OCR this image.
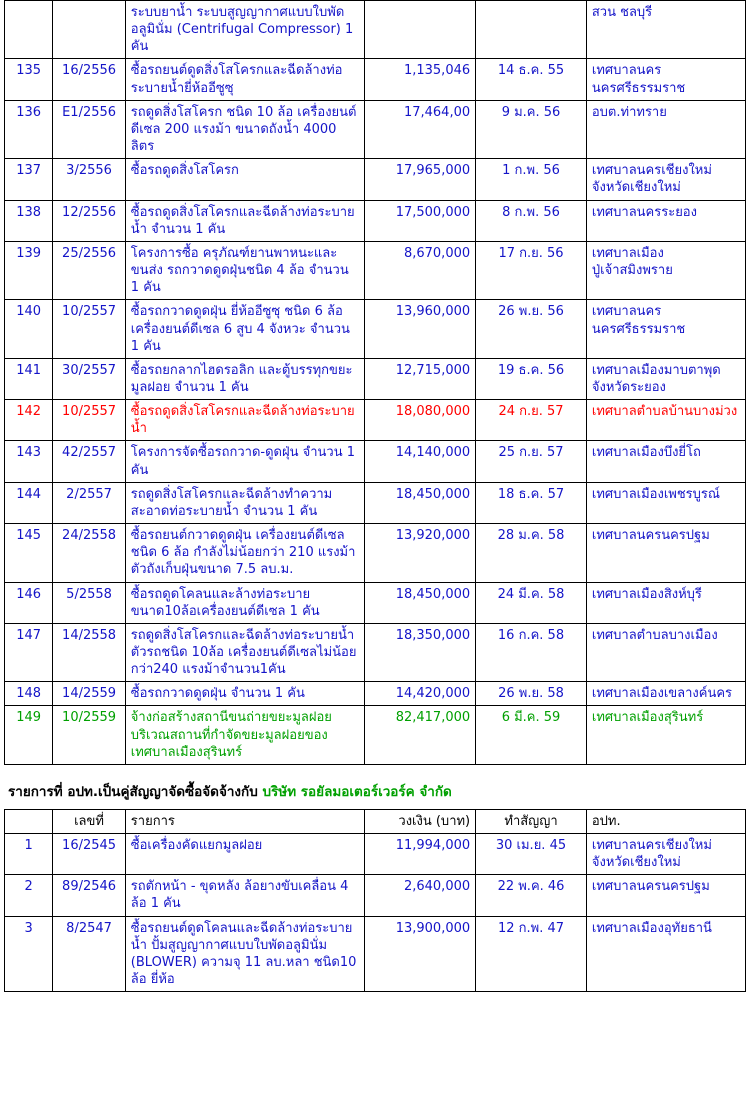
		ระบบยาน้ำ ระบบสูญญากาศแบบใบพัดอลูมินั่ม (Centrifugal Compressor) 1 คัน			สวน ชลบุรี
135	16/2556	ซื้อรถยนต์ดูดสิ่งโสโครกและฉีดล้างท่อระบายน้ำยี่ห้ออีซูซุ	1,135,046	14 ธ.ค. 55	เทศบาลนครนครศรีธรรมราช
136	E1/2556	รถดูดสิ่งโสโครก ชนิด 10 ล้อ เครื่องยนต์ดีเซล 200 แรงม้า ขนาดถังน้ำ 4000 ลิตร	17,464,00	9 ม.ค. 56	อบต.ท่าทราย
137	3/2556	ซื้อรถดูดสิ่งโสโครก	17,965,000	1 ก.พ. 56	เทศบาลนครเชียงใหม่ จังหวัดเชียงใหม่
138	12/2556	ซื้อรถดูดสิ่งโสโครกและฉีดล้างท่อระบายน้ำ จำนวน 1 คัน	17,500,000	8 ก.พ. 56	เทศบาลนครระยอง
139	25/2556	โครงการซื้อ ครุภัณฑ์ยานพาหนะและขนส่ง รถกวาดดูดฝุ่นชนิด 4 ล้อ จำนวน 1 คัน	8,670,000	17 ก.ย. 56	เทศบาลเมืองปู่เจ้าสมิงพราย
140	10/2557	ซื้อรถกวาดดูดฝุ่น ยี่ห้ออีซูซุ ชนิด 6 ล้อ เครื่องยนต์ดีเซล 6 สูบ 4 จังหวะ จำนวน 1 คัน	13,960,000	26 พ.ย. 56	เทศบาลนครนครศรีธรรมราช
141	30/2557	ซื้อรถยกลากไฮดรอลิก และตู้บรรทุกขยะมูลฝอย จำนวน 1 คัน	12,715,000	19 ธ.ค. 56	เทศบาลเมืองมาบตาพุด จังหวัดระยอง
142	10/2557	ซื้อรถดูดสิ่งโสโครกและฉีดล้างท่อระบายน้ำ	18,080,000	24 ก.ย. 57	เทศบาลตำบลบ้านบางม่วง
143	42/2557	โครงการจัดซื้อรถกวาด-ดูดฝุ่น จำนวน 1 คัน	14,140,000	25 ก.ย. 57	เทศบาลเมืองบึงยี่โถ
144	2/2557	รถดูดสิ่งโสโครกและฉีดล้างทำความสะอาดท่อระบายน้ำ จำนวน 1 คัน	18,450,000	18 ธ.ค. 57	เทศบาลเมืองเพชรบูรณ์
145	24/2558	ซื้อรถยนต์กวาดดูดฝุ่น เครื่องยนต์ดีเซล ชนิด 6 ล้อ กำลังไม่น้อยกว่า 210 แรงม้า ตัวถังเก็บฝุ่นขนาด 7.5 ลบ.ม.	13,920,000	28 ม.ค. 58	เทศบาลนครนครปฐม
146	5/2558	ซื้อรถดูดโคลนและล้างท่อระบายขนาด10ล้อเครื่องยนต์ดีเซล 1 คัน	18,450,000	24 มี.ค. 58	เทศบาลเมืองสิงห์บุรี
147	14/2558	รถดูดสิ่งโสโครกและฉีดล้างท่อระบายน้ำ ตัวรถชนิด 10ล้อ เครื่องยนต์ดีเซลไม่น้อยกว่า240 แรงม้าจำนวน1คัน	18,350,000	16 ก.ค. 58	เทศบาลตำบลบางเมือง
148	14/2559	ซื้อรถกวาดดูดฝุ่น จำนวน 1 คัน	14,420,000	26 พ.ย. 58	เทศบาลเมืองเขลางค์นคร
149	10/2559	จ้างก่อสร้างสถานีขนถ่ายขยะมูลฝอยบริเวณสถานที่กำจัดขยะมูลฝอยของเทศบาลเมืองสุรินทร์	82,417,000	6 มี.ค. 59	เทศบาลเมืองสุรินทร์
รายการที่ อปท.เป็นคู่สัญญาจัดซื้อจัดจ้างกับ บริษัท รอยัลมอเตอร์เวอร์ค จำกัด
	เลขที่	รายการ	วงเงิน (บาท)	ทำสัญญา	อปท.
1	16/2545	ซื้อเครื่องคัดแยกมูลฝอย	11,994,000	30 เม.ย. 45	เทศบาลนครเชียงใหม่ จังหวัดเชียงใหม่
2	89/2546	รถตักหน้า - ขุดหลัง ล้อยางขับเคลื่อน 4 ล้อ 1 คัน	2,640,000	22 พ.ค. 46	เทศบาลนครนครปฐม
3	8/2547	ซื้อรถยนต์ดูดโคลนและฉีดล้างท่อระบายน้ำ ปั้มสูญญากาศแบบใบพัดอลูมินั่ม (BLOWER) ความจุ 11 ลบ.หลา ชนิด10 ล้อ ยี่ห้อ	13,900,000	12 ก.พ. 47	เทศบาลเมืองอุทัยธานี
